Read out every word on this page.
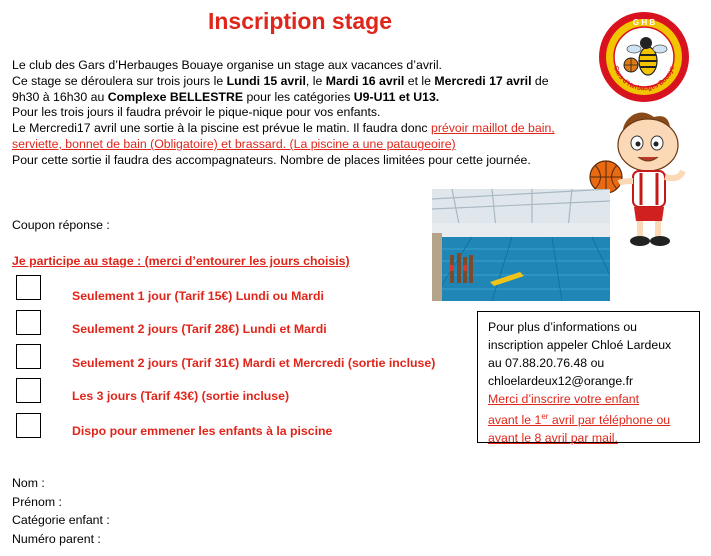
Inscription stage

Le club des Gars d’Herbauges Bouaye organise un stage aux vacances d’avril.

Ce stage se déroulera sur trois jours le Lundi 15 avril, le Mardi 16 avril et le Mercredi 17 avril de

9h30 à 16h30 au Complexe BELLESTRE pour les catégories U9-U11 et U13.

Pour les trois jours il faudra prévoir le pique-nique pour vos enfants.

Le Mercredi17 avril une sortie à la piscine est prévue le matin. Il faudra donc prévoir maillot de bain,

serviette, bonnet de bain (Obligatoire) et brassard. (La piscine a une pataugeoire)

Pour cette sortie il faudra des accompagnateurs. Nombre de places limitées pour cette journée.

G H B
Gars d’Herbauges Bouaye
Coupon réponse :
Je participe au stage : (merci d’entourer les jours choisis)
Seulement 1 jour (Tarif 15€) Lundi ou Mardi
Seulement 2 jours (Tarif 28€) Lundi et Mardi
Seulement 2 jours (Tarif 31€) Mardi et Mercredi (sortie incluse)
Les 3 jours (Tarif 43€) (sortie incluse)
Dispo pour emmener les enfants à la piscine

Pour plus d’informations ou

inscription appeler Chloé Lardeux

au 07.88.20.76.48 ou

chloelardeux12@orange.fr

Merci d’inscrire votre enfant

avant le 1er avril par téléphone ou

avant le 8 avril par mail.

Nom :

Prénom :

Catégorie enfant :

Numéro parent :
